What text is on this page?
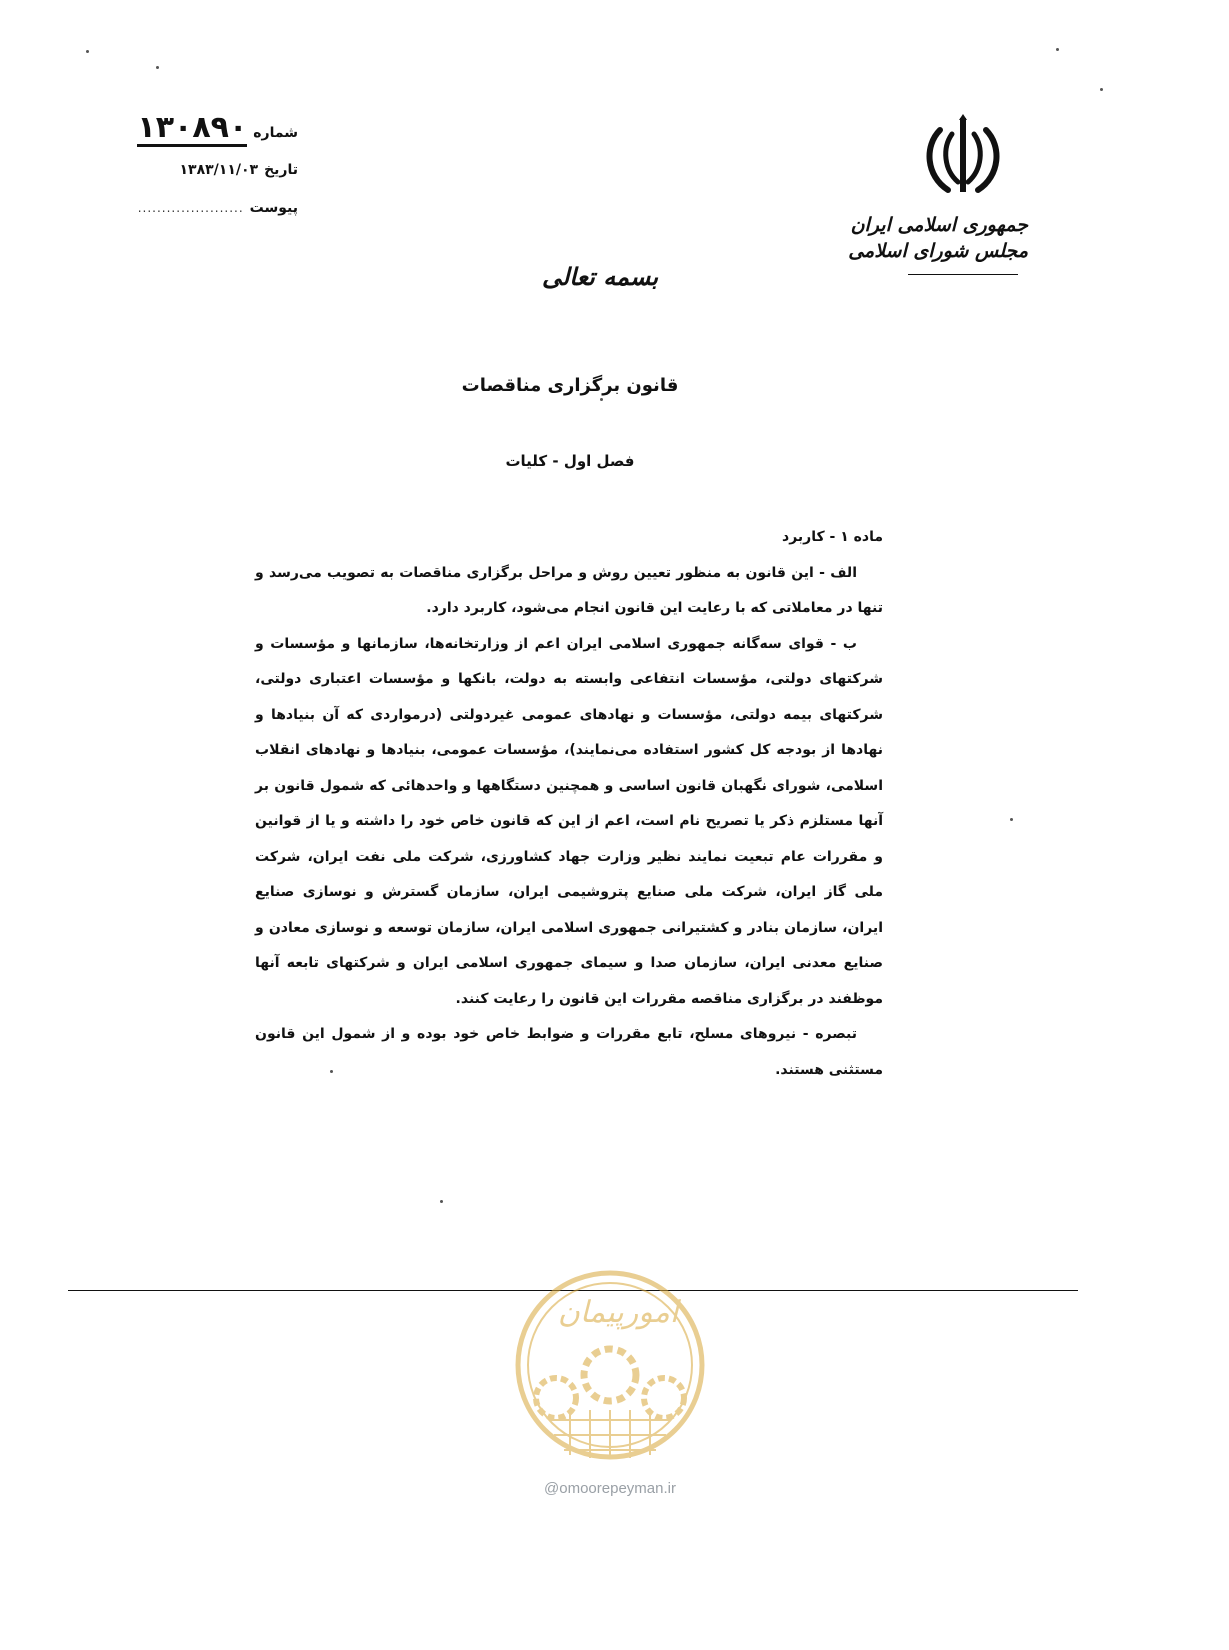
شماره
۱۳۰۸۹۰
تاریخ
۱۳۸۳/۱۱/۰۳
پیوست
......................
جمهوری اسلامی ایران
مجلس شورای اسلامی
بسمه تعالی
قانون برگزاری مناقصات
فصل اول - کلیات

ماده ۱ - کاربرد

الف - این قانون به منظور تعیین روش و مراحل برگزاری مناقصات به تصویب می‌رسد و تنها در معاملاتی که با رعایت این قانون انجام می‌شود، کاربرد دارد.

ب - قوای سه‌گانه جمهوری اسلامی ایران اعم از وزارتخانه‌ها، سازمانها و مؤسسات و شرکتهای دولتی، مؤسسات انتفاعی وابسته به دولت، بانکها و مؤسسات اعتباری دولتی، شرکتهای بیمه دولتی، مؤسسات و نهادهای عمومی غیردولتی (درمواردی که آن بنیادها و نهادها از بودجه کل کشور استفاده می‌نمایند)، مؤسسات عمومی، بنیادها و نهادهای انقلاب اسلامی، شورای نگهبان قانون اساسی و همچنین دستگاهها و واحدهائی که شمول قانون بر آنها مستلزم ذکر یا تصریح نام است، اعم از این که قانون خاص خود را داشته و یا از قوانین و مقررات عام تبعیت نمایند نظیر وزارت جهاد کشاورزی، شرکت ملی نفت ایران، شرکت ملی گاز ایران، شرکت ملی صنایع پتروشیمی ایران، سازمان گسترش و نوسازی صنایع ایران، سازمان بنادر و کشتیرانی جمهوری اسلامی ایران، سازمان توسعه و نوسازی معادن و صنایع معدنی ایران، سازمان صدا و سیمای جمهوری اسلامی ایران و شرکتهای تابعه آنها موظفند در برگزاری مناقصه مقررات این قانون را رعایت کنند.

تبصره - نیروهای مسلح، تابع مقررات و ضوابط خاص خود بوده و از شمول این قانون مستثنی هستند.

امورپیمان
@omoorepeyman.ir
